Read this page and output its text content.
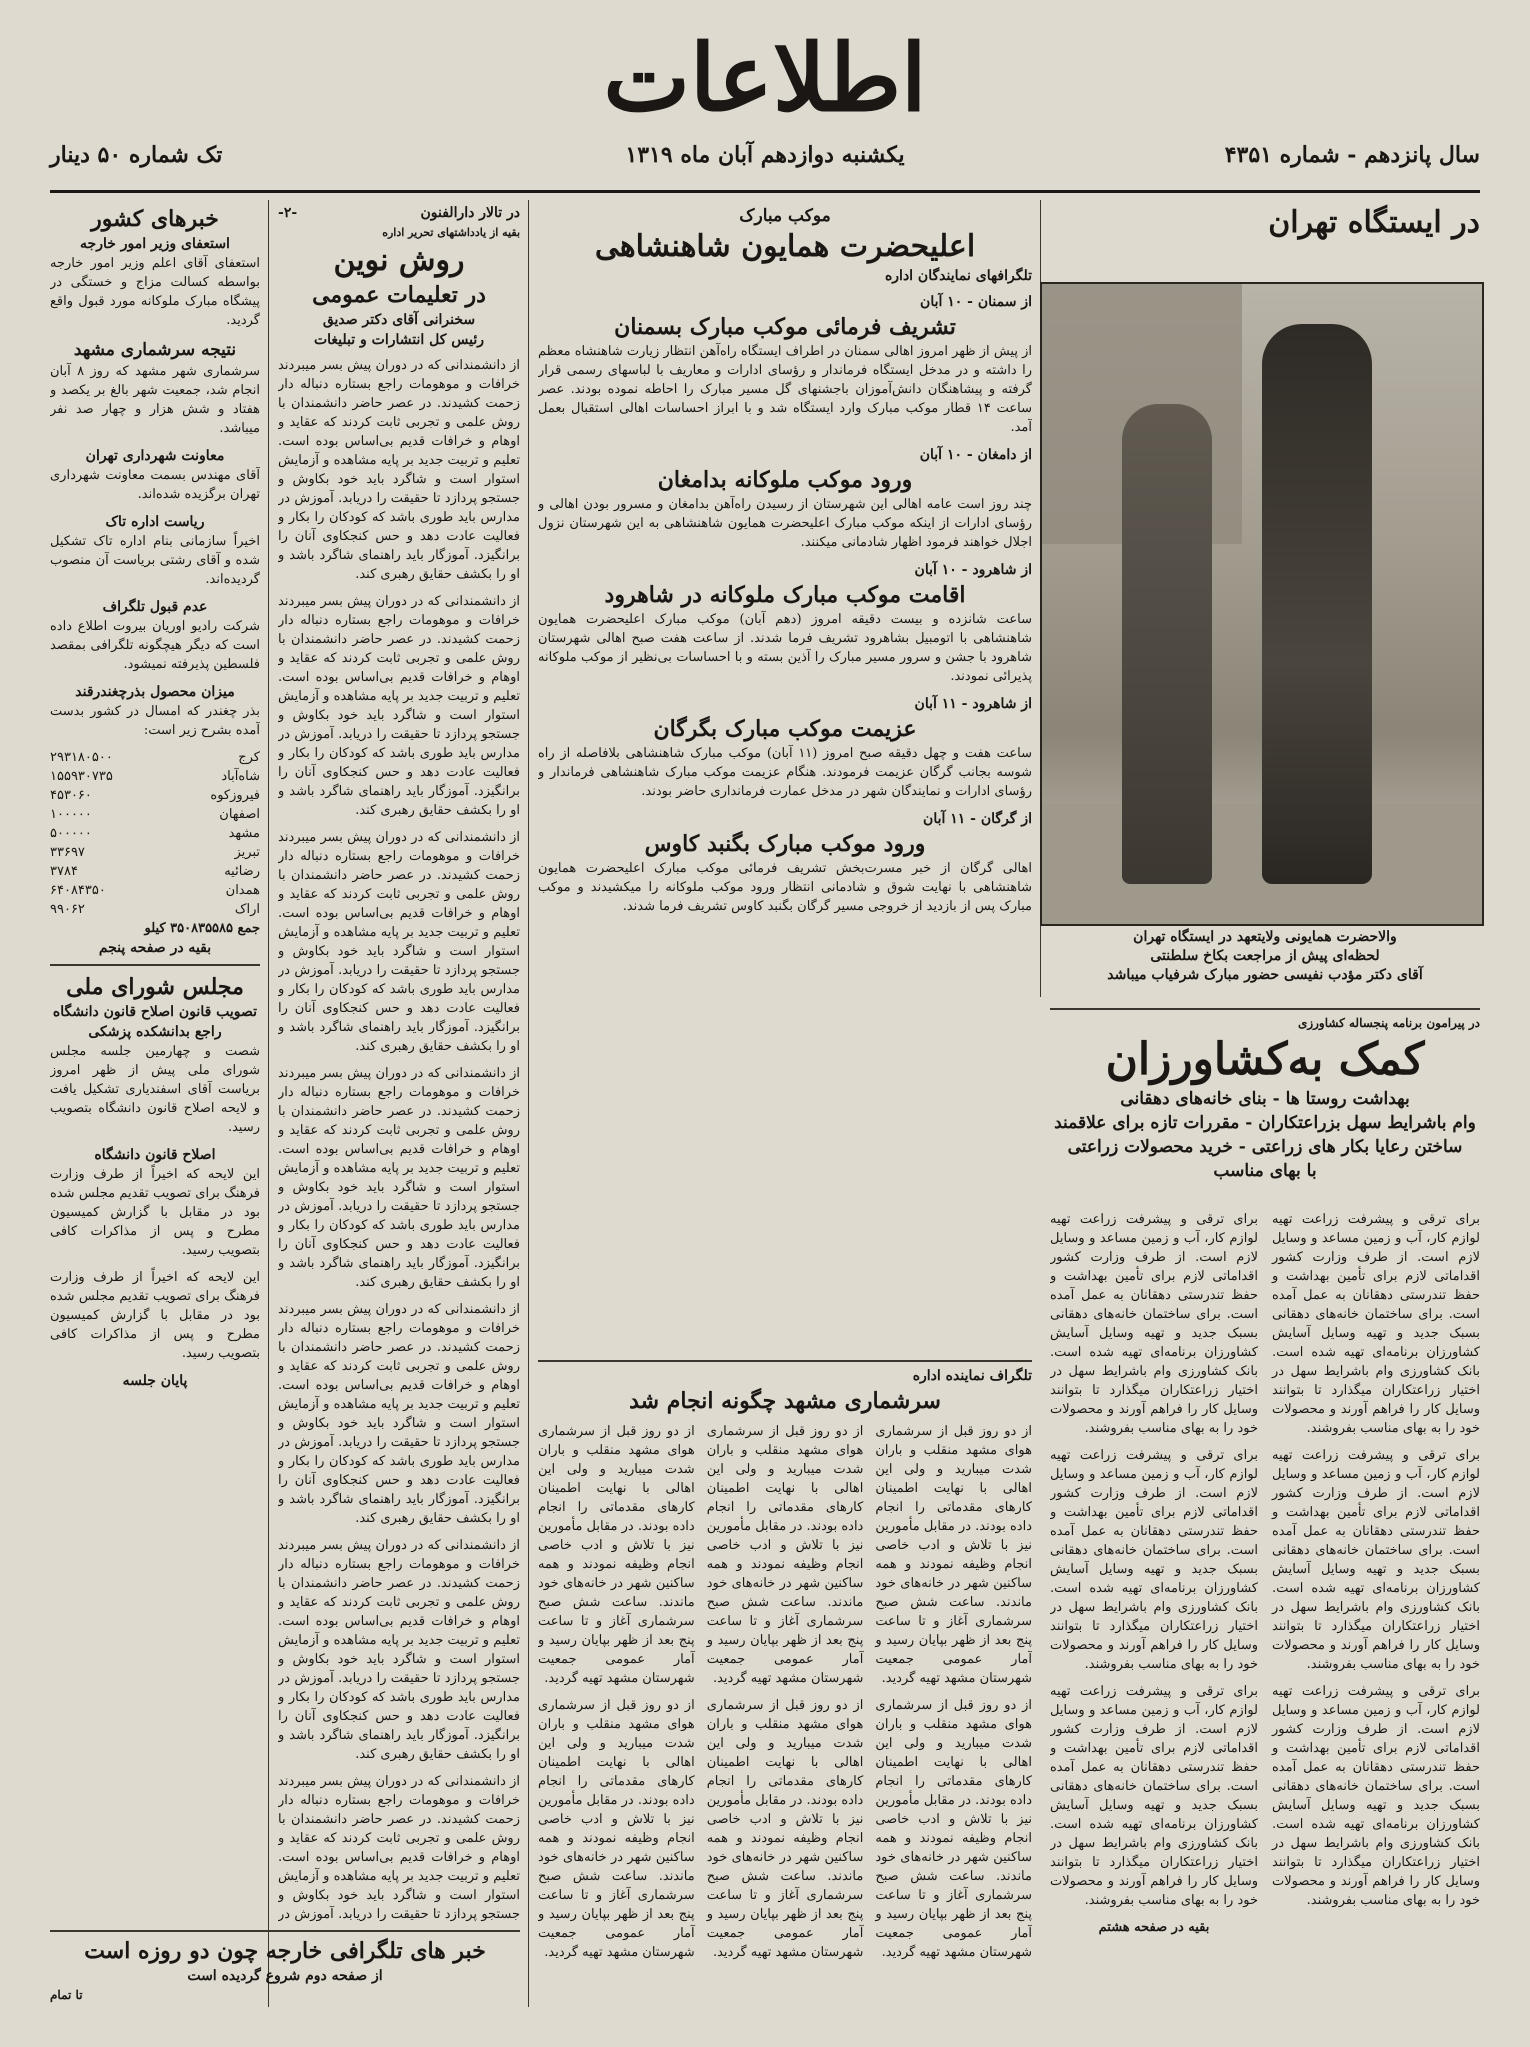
اطلاعات
سال پانزدهم - شماره ۴۳۵۱
یکشنبه دوازدهم آبان ماه ۱۳۱۹
تک شماره ۵۰ دینار
در ایستگاه تهران
والاحضرت همایونی ولایتعهد در ایستگاه تهران
لحظه‌ای پیش از مراجعت بکاخ سلطنتی
آقای دکتر مؤدب نفیسی حضور مبارک شرفیاب میباشد
در پیرامون برنامه پنجساله کشاورزی
کمک به‌کشاورزان
بهداشت روستا ها - بنای خانه‌های دهقانی
وام باشرایط سهل بزراعتکاران - مقررات تازه برای علاقمند
ساختن رعایا بکار های زراعتی - خرید محصولات زراعتی
با بهای مناسب

برای ترقی و پیشرفت زراعت تهیه لوازم کار، آب و زمین مساعد و وسایل لازم است. از طرف وزارت کشور اقداماتی لازم برای تأمین بهداشت و حفظ تندرستی دهقانان به عمل آمده است. برای ساختمان خانه‌های دهقانی بسبک جدید و تهیه وسایل آسایش کشاورزان برنامه‌ای تهیه شده است. بانک کشاورزی وام باشرایط سهل در اختیار زراعتکاران میگذارد تا بتوانند وسایل کار را فراهم آورند و محصولات خود را به بهای مناسب بفروشند.

برای ترقی و پیشرفت زراعت تهیه لوازم کار، آب و زمین مساعد و وسایل لازم است. از طرف وزارت کشور اقداماتی لازم برای تأمین بهداشت و حفظ تندرستی دهقانان به عمل آمده است. برای ساختمان خانه‌های دهقانی بسبک جدید و تهیه وسایل آسایش کشاورزان برنامه‌ای تهیه شده است. بانک کشاورزی وام باشرایط سهل در اختیار زراعتکاران میگذارد تا بتوانند وسایل کار را فراهم آورند و محصولات خود را به بهای مناسب بفروشند.

برای ترقی و پیشرفت زراعت تهیه لوازم کار، آب و زمین مساعد و وسایل لازم است. از طرف وزارت کشور اقداماتی لازم برای تأمین بهداشت و حفظ تندرستی دهقانان به عمل آمده است. برای ساختمان خانه‌های دهقانی بسبک جدید و تهیه وسایل آسایش کشاورزان برنامه‌ای تهیه شده است. بانک کشاورزی وام باشرایط سهل در اختیار زراعتکاران میگذارد تا بتوانند وسایل کار را فراهم آورند و محصولات خود را به بهای مناسب بفروشند.

برای ترقی و پیشرفت زراعت تهیه لوازم کار، آب و زمین مساعد و وسایل لازم است. از طرف وزارت کشور اقداماتی لازم برای تأمین بهداشت و حفظ تندرستی دهقانان به عمل آمده است. برای ساختمان خانه‌های دهقانی بسبک جدید و تهیه وسایل آسایش کشاورزان برنامه‌ای تهیه شده است. بانک کشاورزی وام باشرایط سهل در اختیار زراعتکاران میگذارد تا بتوانند وسایل کار را فراهم آورند و محصولات خود را به بهای مناسب بفروشند.

برای ترقی و پیشرفت زراعت تهیه لوازم کار، آب و زمین مساعد و وسایل لازم است. از طرف وزارت کشور اقداماتی لازم برای تأمین بهداشت و حفظ تندرستی دهقانان به عمل آمده است. برای ساختمان خانه‌های دهقانی بسبک جدید و تهیه وسایل آسایش کشاورزان برنامه‌ای تهیه شده است. بانک کشاورزی وام باشرایط سهل در اختیار زراعتکاران میگذارد تا بتوانند وسایل کار را فراهم آورند و محصولات خود را به بهای مناسب بفروشند.

برای ترقی و پیشرفت زراعت تهیه لوازم کار، آب و زمین مساعد و وسایل لازم است. از طرف وزارت کشور اقداماتی لازم برای تأمین بهداشت و حفظ تندرستی دهقانان به عمل آمده است. برای ساختمان خانه‌های دهقانی بسبک جدید و تهیه وسایل آسایش کشاورزان برنامه‌ای تهیه شده است. بانک کشاورزی وام باشرایط سهل در اختیار زراعتکاران میگذارد تا بتوانند وسایل کار را فراهم آورند و محصولات خود را به بهای مناسب بفروشند.

بقیه در صفحه هشتم

موکب مبارک
اعلیحضرت همایون شاهنشاهی
تلگرافهای نمایندگان اداره
از سمنان - ۱۰ آبان
تشریف فرمائی موکب مبارک بسمنان

از پیش از ظهر امروز اهالی سمنان در اطراف ایستگاه راه‌آهن انتظار زیارت شاهنشاه معظم را داشته و در مدخل ایستگاه فرماندار و رؤسای ادارات و معاریف با لباسهای رسمی قرار گرفته و پیشاهنگان دانش‌آموزان باجشنهای گل مسیر مبارک را احاطه نموده بودند. عصر ساعت ۱۴ قطار موکب مبارک وارد ایستگاه شد و با ابراز احساسات اهالی استقبال بعمل آمد.

از دامغان - ۱۰ آبان
ورود موکب ملوکانه بدامغان

چند روز است عامه اهالی این شهرستان از رسیدن راه‌آهن بدامغان و مسرور بودن اهالی و رؤسای ادارات از اینکه موکب مبارک اعلیحضرت همایون شاهنشاهی به این شهرستان نزول اجلال خواهند فرمود اظهار شادمانی میکنند.

از شاهرود - ۱۰ آبان
اقامت موکب مبارک ملوکانه در شاهرود

ساعت شانزده و بیست دقیقه امروز (دهم آبان) موکب مبارک اعلیحضرت همایون شاهنشاهی با اتومبیل بشاهرود تشریف فرما شدند. از ساعت هفت صبح اهالی شهرستان شاهرود با جشن و سرور مسیر مبارک را آذین بسته و با احساسات بی‌نظیر از موکب ملوکانه پذیرائی نمودند.

از شاهرود - ۱۱ آبان
عزیمت موکب مبارک بگرگان

ساعت هفت و چهل دقیقه صبح امروز (۱۱ آبان) موکب مبارک شاهنشاهی بلافاصله از راه شوسه بجانب گرگان عزیمت فرمودند. هنگام عزیمت موکب مبارک شاهنشاهی فرماندار و رؤسای ادارات و نمایندگان شهر در مدخل عمارت فرمانداری حاضر بودند.

از گرگان - ۱۱ آبان
ورود موکب مبارک بگنبد کاوس

اهالی گرگان از خبر مسرت‌بخش تشریف فرمائی موکب مبارک اعلیحضرت همایون شاهنشاهی با نهایت شوق و شادمانی انتظار ورود موکب ملوکانه را میکشیدند و موکب مبارک پس از بازدید از خروجی مسیر گرگان بگنبد کاوس تشریف فرما شدند.

تلگراف نماینده اداره
سرشماری مشهد چگونه انجام شد

از دو روز قبل از سرشماری هوای مشهد منقلب و باران شدت میبارید و ولی این اهالی با نهایت اطمینان کارهای مقدماتی را انجام داده بودند. در مقابل مأمورین نیز با تلاش و ادب خاصی انجام وظیفه نمودند و همه ساکنین شهر در خانه‌های خود ماندند. ساعت شش صبح سرشماری آغاز و تا ساعت پنج بعد از ظهر بپایان رسید و آمار عمومی جمعیت شهرستان مشهد تهیه گردید.

از دو روز قبل از سرشماری هوای مشهد منقلب و باران شدت میبارید و ولی این اهالی با نهایت اطمینان کارهای مقدماتی را انجام داده بودند. در مقابل مأمورین نیز با تلاش و ادب خاصی انجام وظیفه نمودند و همه ساکنین شهر در خانه‌های خود ماندند. ساعت شش صبح سرشماری آغاز و تا ساعت پنج بعد از ظهر بپایان رسید و آمار عمومی جمعیت شهرستان مشهد تهیه گردید.

از دو روز قبل از سرشماری هوای مشهد منقلب و باران شدت میبارید و ولی این اهالی با نهایت اطمینان کارهای مقدماتی را انجام داده بودند. در مقابل مأمورین نیز با تلاش و ادب خاصی انجام وظیفه نمودند و همه ساکنین شهر در خانه‌های خود ماندند. ساعت شش صبح سرشماری آغاز و تا ساعت پنج بعد از ظهر بپایان رسید و آمار عمومی جمعیت شهرستان مشهد تهیه گردید.

از دو روز قبل از سرشماری هوای مشهد منقلب و باران شدت میبارید و ولی این اهالی با نهایت اطمینان کارهای مقدماتی را انجام داده بودند. در مقابل مأمورین نیز با تلاش و ادب خاصی انجام وظیفه نمودند و همه ساکنین شهر در خانه‌های خود ماندند. ساعت شش صبح سرشماری آغاز و تا ساعت پنج بعد از ظهر بپایان رسید و آمار عمومی جمعیت شهرستان مشهد تهیه گردید.

از دو روز قبل از سرشماری هوای مشهد منقلب و باران شدت میبارید و ولی این اهالی با نهایت اطمینان کارهای مقدماتی را انجام داده بودند. در مقابل مأمورین نیز با تلاش و ادب خاصی انجام وظیفه نمودند و همه ساکنین شهر در خانه‌های خود ماندند. ساعت شش صبح سرشماری آغاز و تا ساعت پنج بعد از ظهر بپایان رسید و آمار عمومی جمعیت شهرستان مشهد تهیه گردید.

از دو روز قبل از سرشماری هوای مشهد منقلب و باران شدت میبارید و ولی این اهالی با نهایت اطمینان کارهای مقدماتی را انجام داده بودند. در مقابل مأمورین نیز با تلاش و ادب خاصی انجام وظیفه نمودند و همه ساکنین شهر در خانه‌های خود ماندند. ساعت شش صبح سرشماری آغاز و تا ساعت پنج بعد از ظهر بپایان رسید و آمار عمومی جمعیت شهرستان مشهد تهیه گردید.

در تالار دارالفنون
-۲-
بقیه از یادداشتهای تحریر اداره
روش نوین
در تعلیمات عمومی
سخنرانی آقای دکتر صدیق
رئیس کل انتشارات و تبلیغات

از دانشمندانی که در دوران پیش بسر میبردند خرافات و موهومات راجع بستاره دنباله دار زحمت کشیدند. در عصر حاضر دانشمندان با روش علمی و تجربی ثابت کردند که عقاید و اوهام و خرافات قدیم بی‌اساس بوده است. تعلیم و تربیت جدید بر پایه مشاهده و آزمایش استوار است و شاگرد باید خود بکاوش و جستجو پردازد تا حقیقت را دریابد. آموزش در مدارس باید طوری باشد که کودکان را بکار و فعالیت عادت دهد و حس کنجکاوی آنان را برانگیزد. آموزگار باید راهنمای شاگرد باشد و او را بکشف حقایق رهبری کند.

از دانشمندانی که در دوران پیش بسر میبردند خرافات و موهومات راجع بستاره دنباله دار زحمت کشیدند. در عصر حاضر دانشمندان با روش علمی و تجربی ثابت کردند که عقاید و اوهام و خرافات قدیم بی‌اساس بوده است. تعلیم و تربیت جدید بر پایه مشاهده و آزمایش استوار است و شاگرد باید خود بکاوش و جستجو پردازد تا حقیقت را دریابد. آموزش در مدارس باید طوری باشد که کودکان را بکار و فعالیت عادت دهد و حس کنجکاوی آنان را برانگیزد. آموزگار باید راهنمای شاگرد باشد و او را بکشف حقایق رهبری کند.

از دانشمندانی که در دوران پیش بسر میبردند خرافات و موهومات راجع بستاره دنباله دار زحمت کشیدند. در عصر حاضر دانشمندان با روش علمی و تجربی ثابت کردند که عقاید و اوهام و خرافات قدیم بی‌اساس بوده است. تعلیم و تربیت جدید بر پایه مشاهده و آزمایش استوار است و شاگرد باید خود بکاوش و جستجو پردازد تا حقیقت را دریابد. آموزش در مدارس باید طوری باشد که کودکان را بکار و فعالیت عادت دهد و حس کنجکاوی آنان را برانگیزد. آموزگار باید راهنمای شاگرد باشد و او را بکشف حقایق رهبری کند.

از دانشمندانی که در دوران پیش بسر میبردند خرافات و موهومات راجع بستاره دنباله دار زحمت کشیدند. در عصر حاضر دانشمندان با روش علمی و تجربی ثابت کردند که عقاید و اوهام و خرافات قدیم بی‌اساس بوده است. تعلیم و تربیت جدید بر پایه مشاهده و آزمایش استوار است و شاگرد باید خود بکاوش و جستجو پردازد تا حقیقت را دریابد. آموزش در مدارس باید طوری باشد که کودکان را بکار و فعالیت عادت دهد و حس کنجکاوی آنان را برانگیزد. آموزگار باید راهنمای شاگرد باشد و او را بکشف حقایق رهبری کند.

از دانشمندانی که در دوران پیش بسر میبردند خرافات و موهومات راجع بستاره دنباله دار زحمت کشیدند. در عصر حاضر دانشمندان با روش علمی و تجربی ثابت کردند که عقاید و اوهام و خرافات قدیم بی‌اساس بوده است. تعلیم و تربیت جدید بر پایه مشاهده و آزمایش استوار است و شاگرد باید خود بکاوش و جستجو پردازد تا حقیقت را دریابد. آموزش در مدارس باید طوری باشد که کودکان را بکار و فعالیت عادت دهد و حس کنجکاوی آنان را برانگیزد. آموزگار باید راهنمای شاگرد باشد و او را بکشف حقایق رهبری کند.

از دانشمندانی که در دوران پیش بسر میبردند خرافات و موهومات راجع بستاره دنباله دار زحمت کشیدند. در عصر حاضر دانشمندان با روش علمی و تجربی ثابت کردند که عقاید و اوهام و خرافات قدیم بی‌اساس بوده است. تعلیم و تربیت جدید بر پایه مشاهده و آزمایش استوار است و شاگرد باید خود بکاوش و جستجو پردازد تا حقیقت را دریابد. آموزش در مدارس باید طوری باشد که کودکان را بکار و فعالیت عادت دهد و حس کنجکاوی آنان را برانگیزد. آموزگار باید راهنمای شاگرد باشد و او را بکشف حقایق رهبری کند.

از دانشمندانی که در دوران پیش بسر میبردند خرافات و موهومات راجع بستاره دنباله دار زحمت کشیدند. در عصر حاضر دانشمندان با روش علمی و تجربی ثابت کردند که عقاید و اوهام و خرافات قدیم بی‌اساس بوده است. تعلیم و تربیت جدید بر پایه مشاهده و آزمایش استوار است و شاگرد باید خود بکاوش و جستجو پردازد تا حقیقت را دریابد. آموزش در

خبرهای کشور
استعفای وزیر امور خارجه

استعفای آقای اعلم وزیر امور خارجه بواسطه کسالت مزاج و خستگی در پیشگاه مبارک ملوکانه مورد قبول واقع گردید.

نتیجه سرشماری مشهد

سرشماری شهر مشهد که روز ۸ آبان انجام شد، جمعیت شهر بالغ بر یکصد و هفتاد و شش هزار و چهار صد نفر میباشد.

معاونت شهرداری تهران

آقای مهندس بسمت معاونت شهرداری تهران برگزیده شده‌اند.

ریاست اداره تاک

اخیراً سازمانی بنام اداره تاک تشکیل شده و آقای رشتی بریاست آن منصوب گردیده‌اند.

عدم قبول تلگراف

شرکت رادیو اوریان بیروت اطلاع داده است که دیگر هیچگونه تلگرافی بمقصد فلسطین پذیرفته نمیشود.

میزان محصول بذرچغندرقند

بذر چغندر که امسال در کشور بدست آمده بشرح زیر است:

کرج
۲۹۳۱۸۰۵۰۰
شاه‌آباد
۱۵۵۹۳۰۷۳۵
فیروزکوه
۴۵۳۰۶۰
اصفهان
۱۰۰۰۰۰
مشهد
۵۰۰۰۰۰
تبریز
۳۳۶۹۷
رضائیه
۳۷۸۴
همدان
۶۴۰۸۴۳۵۰
اراک
۹۹۰۶۲
جمع ۳۵۰۸۳۵۵۸۵ کیلو
بقیه در صفحه پنجم
مجلس شورای ملی
تصویب قانون اصلاح قانون دانشگاه
راجع بدانشکده پزشکی

شصت و چهارمین جلسه مجلس شورای ملی پیش از ظهر امروز بریاست آقای اسفندیاری تشکیل یافت و لایحه اصلاح قانون دانشگاه بتصویب رسید.

اصلاح قانون دانشگاه

این لایحه که اخیراً از طرف وزارت فرهنگ برای تصویب تقدیم مجلس شده بود در مقابل با گزارش کمیسیون مطرح و پس از مذاکرات کافی بتصویب رسید.

این لایحه که اخیراً از طرف وزارت فرهنگ برای تصویب تقدیم مجلس شده بود در مقابل با گزارش کمیسیون مطرح و پس از مذاکرات کافی بتصویب رسید.

پایان جلسه
خبر های تلگرافی خارجه چون دو روزه است
از صفحه دوم شروع گردیده است
تا تمام
